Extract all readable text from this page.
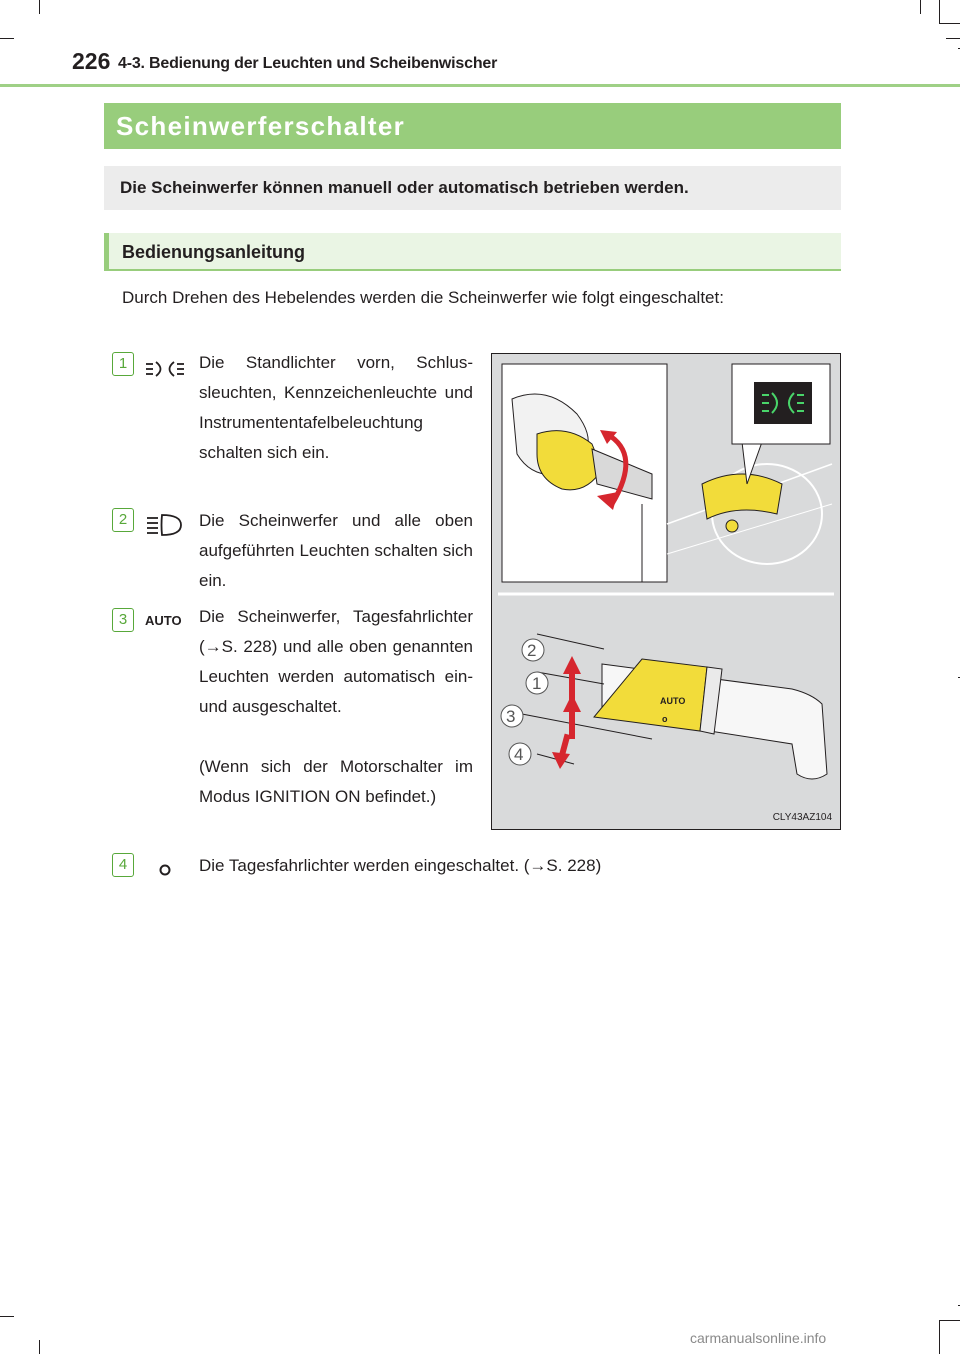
226 4-3. Bedienung der Leuchten und Scheibenwischer
Scheinwerferschalter
Die Scheinwerfer können manuell oder automatisch betrieben werden.
Bedienungsanleitung
Durch Drehen des Hebelendes werden die Scheinwerfer wie folgt eingeschaltet:
1	Die Standlichter vorn, Schlussleuchten, Kennzeichenleuchte und Instrumententafelbeleuchtung schalten sich ein.
2	Die Scheinwerfer und alle oben aufgeführten Leuchten schalten sich ein.
3	AUTO Die Scheinwerfer, Tagesfahrlichter (→S. 228) und alle oben genannten Leuchten werden automatisch ein- und ausgeschaltet.
(Wenn sich der Motorschalter im Modus IGNITION ON befindet.)
4	Die Tagesfahrlichter werden eingeschaltet. (→S. 228)
AUTO
o
2
1
3
4
CLY43AZ104
carmanualsonline.info
